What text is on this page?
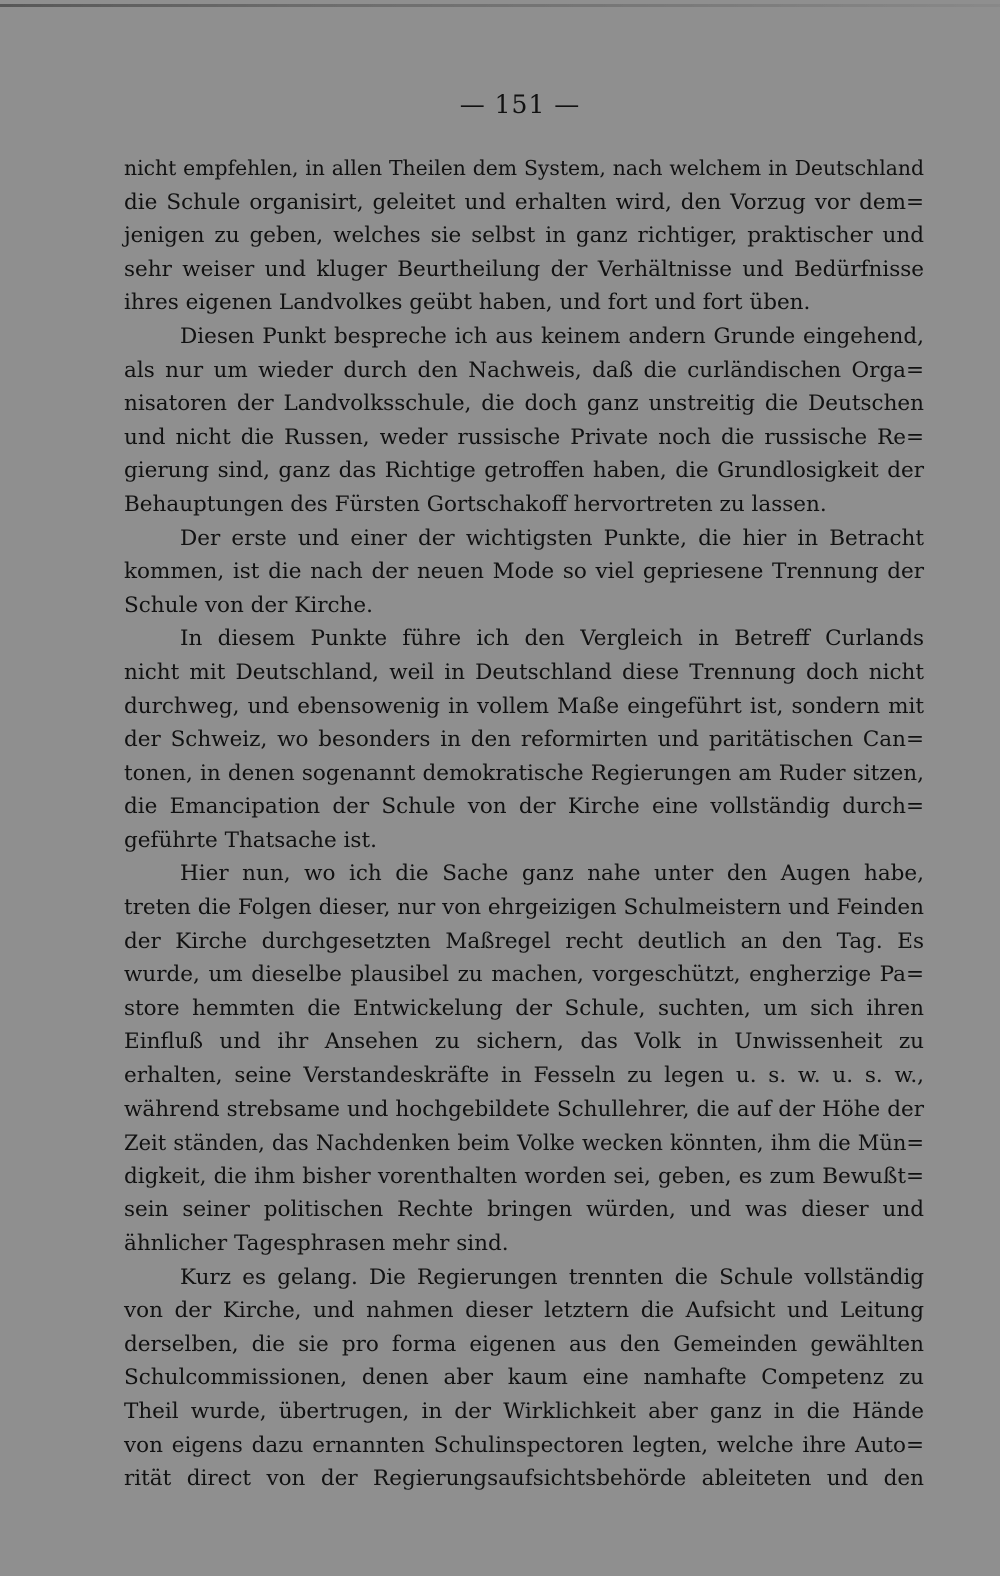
— 151 —
nicht empfehlen, in allen Theilen dem System, nach welchem in Deutschland
die Schule organisirt, geleitet und erhalten wird, den Vorzug vor dem=
jenigen zu geben, welches sie selbst in ganz richtiger, praktischer und
sehr weiser und kluger Beurtheilung der Verhältnisse und Bedürfnisse
ihres eigenen Landvolkes geübt haben, und fort und fort üben.
Diesen Punkt bespreche ich aus keinem andern Grunde eingehend,
als nur um wieder durch den Nachweis, daß die curländischen Orga=
nisatoren der Landvolksschule, die doch ganz unstreitig die Deutschen
und nicht die Russen, weder russische Private noch die russische Re=
gierung sind, ganz das Richtige getroffen haben, die Grundlosigkeit der
Behauptungen des Fürsten Gortschakoff hervortreten zu lassen.
Der erste und einer der wichtigsten Punkte, die hier in Betracht
kommen, ist die nach der neuen Mode so viel gepriesene Trennung der
Schule von der Kirche.
In diesem Punkte führe ich den Vergleich in Betreff Curlands
nicht mit Deutschland, weil in Deutschland diese Trennung doch nicht
durchweg, und ebensowenig in vollem Maße eingeführt ist, sondern mit
der Schweiz, wo besonders in den reformirten und paritätischen Can=
tonen, in denen sogenannt demokratische Regierungen am Ruder sitzen,
die Emancipation der Schule von der Kirche eine vollständig durch=
geführte Thatsache ist.
Hier nun, wo ich die Sache ganz nahe unter den Augen habe,
treten die Folgen dieser, nur von ehrgeizigen Schulmeistern und Feinden
der Kirche durchgesetzten Maßregel recht deutlich an den Tag. Es
wurde, um dieselbe plausibel zu machen, vorgeschützt, engherzige Pa=
store hemmten die Entwickelung der Schule, suchten, um sich ihren
Einfluß und ihr Ansehen zu sichern, das Volk in Unwissenheit zu
erhalten, seine Verstandeskräfte in Fesseln zu legen u. s. w. u. s. w.,
während strebsame und hochgebildete Schullehrer, die auf der Höhe der
Zeit ständen, das Nachdenken beim Volke wecken könnten, ihm die Mün=
digkeit, die ihm bisher vorenthalten worden sei, geben, es zum Bewußt=
sein seiner politischen Rechte bringen würden, und was dieser und
ähnlicher Tagesphrasen mehr sind.
Kurz es gelang. Die Regierungen trennten die Schule vollständig
von der Kirche, und nahmen dieser letztern die Aufsicht und Leitung
derselben, die sie pro forma eigenen aus den Gemeinden gewählten
Schulcommissionen, denen aber kaum eine namhafte Competenz zu
Theil wurde, übertrugen, in der Wirklichkeit aber ganz in die Hände
von eigens dazu ernannten Schulinspectoren legten, welche ihre Auto=
rität direct von der Regierungsaufsichtsbehörde ableiteten und den
